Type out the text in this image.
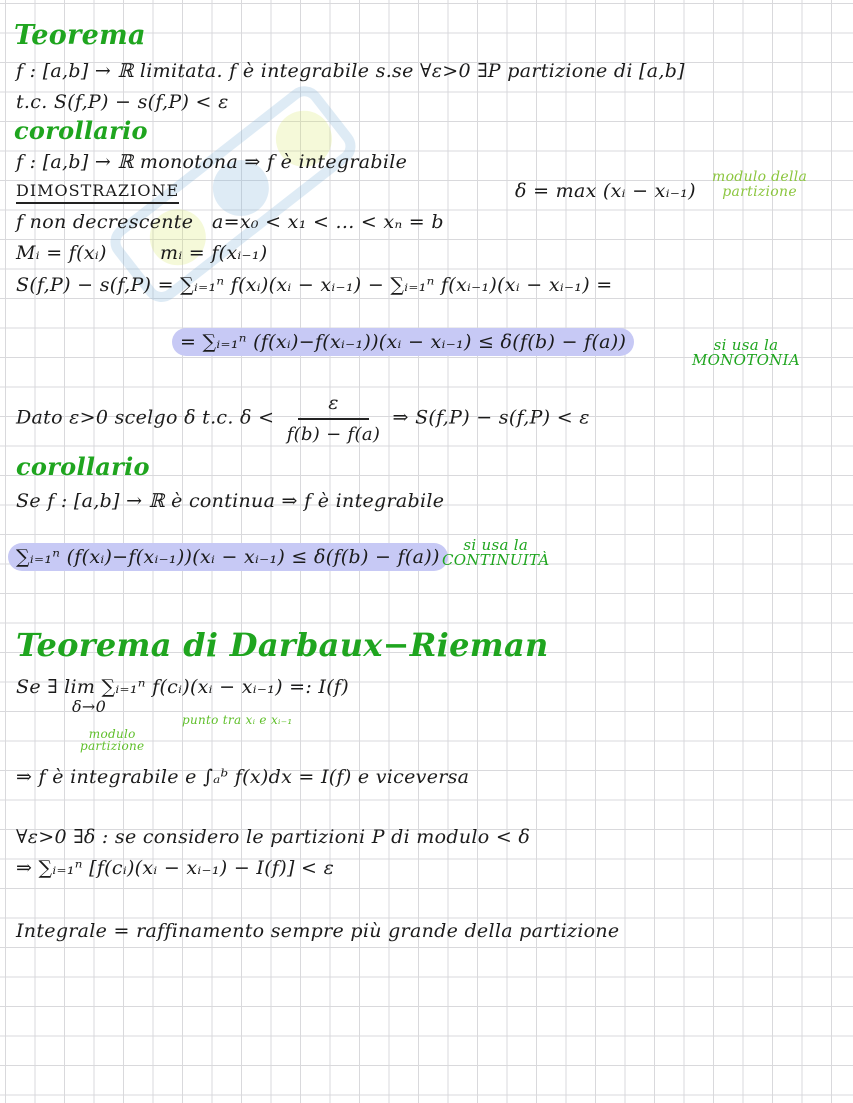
Teorema
f : [a,b] → ℝ limitata. f è integrabile s.se ∀ε>0 ∃P partizione di [a,b]
t.c. S(f,P) − s(f,P) < ε
corollario
f : [a,b] → ℝ monotona ⇒ f è integrabile
DIMOSTRAZIONE	δ = max (xᵢ − xᵢ₋₁)
modulo della
partizione
f non decrescente a=x₀ < x₁ < ... < xₙ = b
Mᵢ = f(xᵢ)	mᵢ = f(xᵢ₋₁)
S(f,P) − s(f,P) = ∑ᵢ₌₁ⁿ f(xᵢ)(xᵢ − xᵢ₋₁) − ∑ᵢ₌₁ⁿ f(xᵢ₋₁)(xᵢ − xᵢ₋₁) =
= ∑ᵢ₌₁ⁿ (f(xᵢ)−f(xᵢ₋₁))(xᵢ − xᵢ₋₁) ≤ δ(f(b) − f(a))	si usa la
MONOTONIA
Dato ε>0 scelgo δ t.c. $\delta < \frac{\varepsilon}{f(b) - f(a)}$ ⇒ S(f,P) − s(f,P) < ε
corollario
Se f : [a,b] → ℝ è continua ⇒ f è integrabile
∑ᵢ₌₁ⁿ (f(xᵢ)−f(xᵢ₋₁))(xᵢ − xᵢ₋₁) ≤ δ(f(b) − f(a))
si usa la
CONTINUITÀ
Teorema di Darbaux−Rieman
Se ∃ lim ∑ᵢ₌₁ⁿ f(cᵢ)(xᵢ − xᵢ₋₁) =: I(f)
δ→0
punto tra xᵢ e xᵢ₋₁
modulo
partizione
⇒ f è integrabile e ∫ₐᵇ f(x)dx = I(f) e viceversa
∀ε>0 ∃δ : se considero le partizioni P di modulo < δ
⇒ ∑ᵢ₌₁ⁿ [f(cᵢ)(xᵢ − xᵢ₋₁) − I(f)] < ε
Integrale = raffinamento sempre più grande della partizione
